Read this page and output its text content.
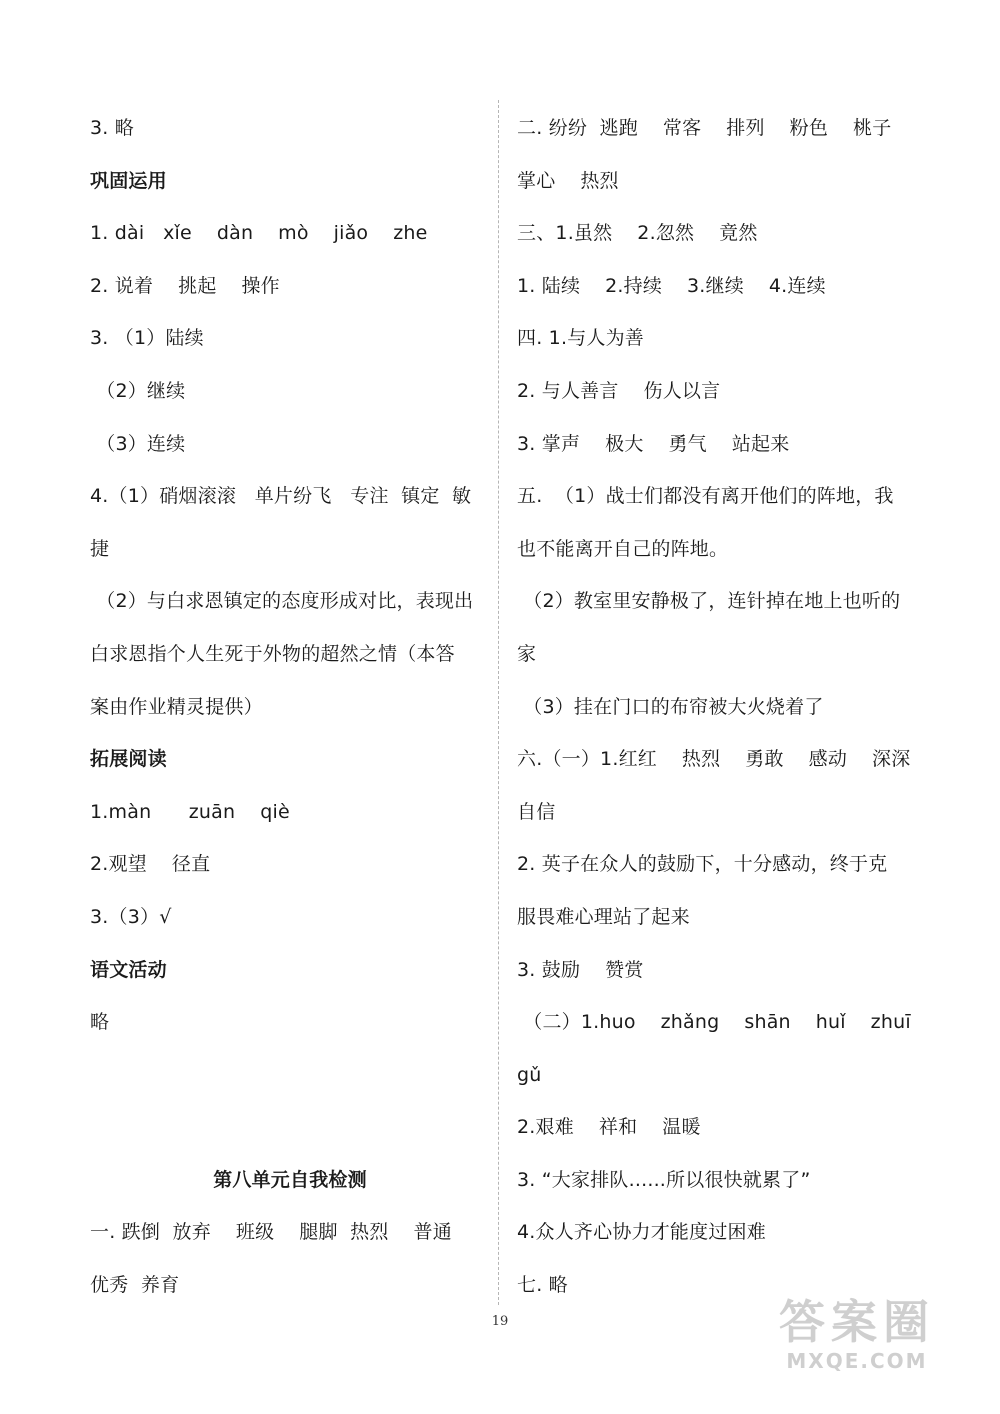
3. 略
巩固运用
1. dài   xǐe    dàn    mò    jiǎo    zhe
2. 说着    挑起    操作
3. （1）陆续
（2）继续
（3）连续
4.（1）硝烟滚滚   单片纷飞   专注  镇定  敏
捷
（2）与白求恩镇定的态度形成对比，表现出
白求恩指个人生死于外物的超然之情（本答
案由作业精灵提供）
拓展阅读
1.màn      zuān    qiè
2.观望    径直
3.（3）√
语文活动
略
第八单元自我检测
一. 跌倒  放弃    班级    腿脚  热烈    普通
优秀  养育
二. 纷纷  逃跑    常客    排列    粉色    桃子
掌心    热烈
三、1.虽然    2.忽然    竟然
1. 陆续    2.持续    3.继续    4.连续
四. 1.与人为善
2. 与人善言    伤人以言
3. 掌声    极大    勇气    站起来
五.  （1）战士们都没有离开他们的阵地，我
也不能离开自己的阵地。
（2）教室里安静极了，连针掉在地上也听的
家
（3）挂在门口的布帘被大火烧着了
六.（一）1.红红    热烈    勇敢    感动    深深
自信
2. 英子在众人的鼓励下，十分感动，终于克
服畏难心理站了起来
3. 鼓励    赞赏
（二）1.huo    zhǎng    shān    huǐ    zhuī
gǔ
2.艰难    祥和    温暖
3. “大家排队......所以很快就累了”
4.众人齐心协力才能度过困难
七. 略
19	答案圈
MXQE.COM
